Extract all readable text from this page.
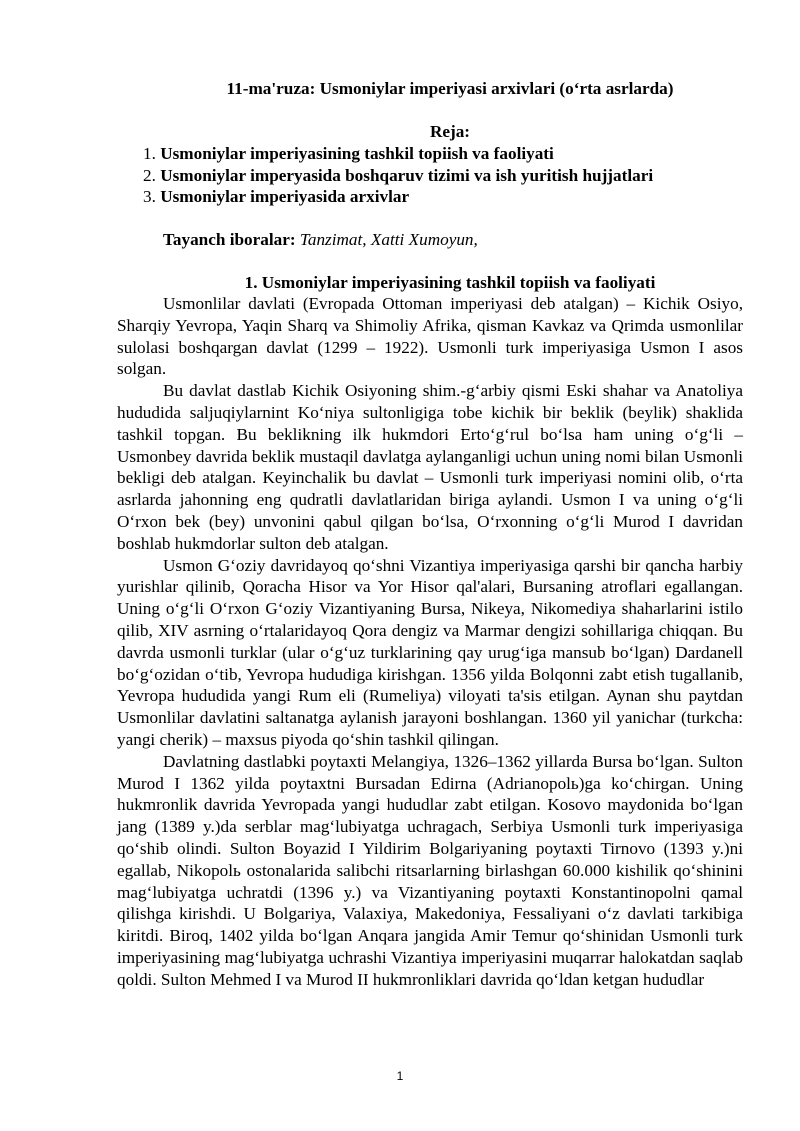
11-ma'ruza: Usmoniylar imperiyasi arxivlari (o‘rta asrlarda)
Reja:
1. Usmoniylar imperiyasining tashkil topiish va faoliyati
2. Usmoniylar imperyasida boshqaruv tizimi va ish yuritish hujjatlari
3. Usmoniylar imperiyasida arxivlar
Tayanch iboralar: Tanzimat, Xatti Xumoyun,
1. Usmoniylar imperiyasining tashkil topiish va faoliyati

Usmonlilar davlati (Evropada Ottoman imperiyasi deb atalgan) – Kichik Osiyo, Sharqiy Yevropa, Yaqin Sharq va Shimoliy Afrika, qisman Kavkaz va Qrimda usmonlilar sulolasi boshqargan davlat (1299 – 1922). Usmonli turk imperiyasiga Usmon I asos solgan.

Bu davlat dastlab Kichik Osiyoning shim.-g‘arbiy qismi Eski shahar va Anatoliya hududida saljuqiylarnint Ko‘niya sultonligiga tobe kichik bir beklik (beylik) shaklida tashkil topgan. Bu beklikning ilk hukmdori Erto‘g‘rul bo‘lsa ham uning o‘g‘li – Usmonbey davrida beklik mustaqil davlatga aylanganligi uchun uning nomi bilan Usmonli bekligi deb atalgan. Keyinchalik bu davlat – Usmonli turk imperiyasi nomini olib, o‘rta asrlarda jahonning eng qudratli davlatlaridan biriga aylandi. Usmon I va uning o‘g‘li O‘rxon bek (bey) unvonini qabul qilgan bo‘lsa, O‘rxonning o‘g‘li Murod I davridan boshlab hukmdorlar sulton deb atalgan.

Usmon G‘oziy davridayoq qo‘shni Vizantiya imperiyasiga qarshi bir qancha harbiy yurishlar qilinib, Qoracha Hisor va Yor Hisor qal'alari, Bursaning atroflari egallangan. Uning o‘g‘li O‘rxon G‘oziy Vizantiyaning Bursa, Nikeya, Nikomediya shaharlarini istilo qilib, XIV asrning o‘rtalaridayoq Qora dengiz va Marmar dengizi sohillariga chiqqan. Bu davrda usmonli turklar (ular o‘g‘uz turklarining qay urug‘iga mansub bo‘lgan) Dardanell bo‘g‘ozidan o‘tib, Yevropa hududiga kirishgan. 1356 yilda Bolqonni zabt etish tugallanib, Yevropa hududida yangi Rum eli (Rumeliya) viloyati ta'sis etilgan. Aynan shu paytdan Usmonlilar davlatini saltanatga aylanish jarayoni boshlangan. 1360 yil yanichar (turkcha: yangi cherik) – maxsus piyoda qo‘shin tashkil qilingan.

Davlatning dastlabki poytaxti Melangiya, 1326–1362 yillarda Bursa bo‘lgan. Sulton Murod I 1362 yilda poytaxtni Bursadan Edirna (Adrianopolь)ga ko‘chirgan. Uning hukmronlik davrida Yevropada yangi hududlar zabt etilgan. Kosovo maydonida bo‘lgan jang (1389 y.)da serblar mag‘lubiyatga uchragach, Serbiya Usmonli turk imperiyasiga qo‘shib olindi. Sulton Boyazid I Yildirim Bolgariyaning poytaxti Tirnovo (1393 y.)ni egallab, Nikopolь ostonalarida salibchi ritsarlarning birlashgan 60.000 kishilik qo‘shinini mag‘lubiyatga uchratdi (1396 y.) va Vizantiyaning poytaxti Konstantinopolni qamal qilishga kirishdi. U Bolgariya, Valaxiya, Makedoniya, Fessaliyani o‘z davlati tarkibiga kiritdi. Biroq, 1402 yilda bo‘lgan Anqara jangida Amir Temur qo‘shinidan Usmonli turk imperiyasining mag‘lubiyatga uchrashi Vizantiya imperiyasini muqarrar halokatdan saqlab qoldi. Sulton Mehmed I va Murod II hukmronliklari davrida qo‘ldan ketgan hududlar

1
